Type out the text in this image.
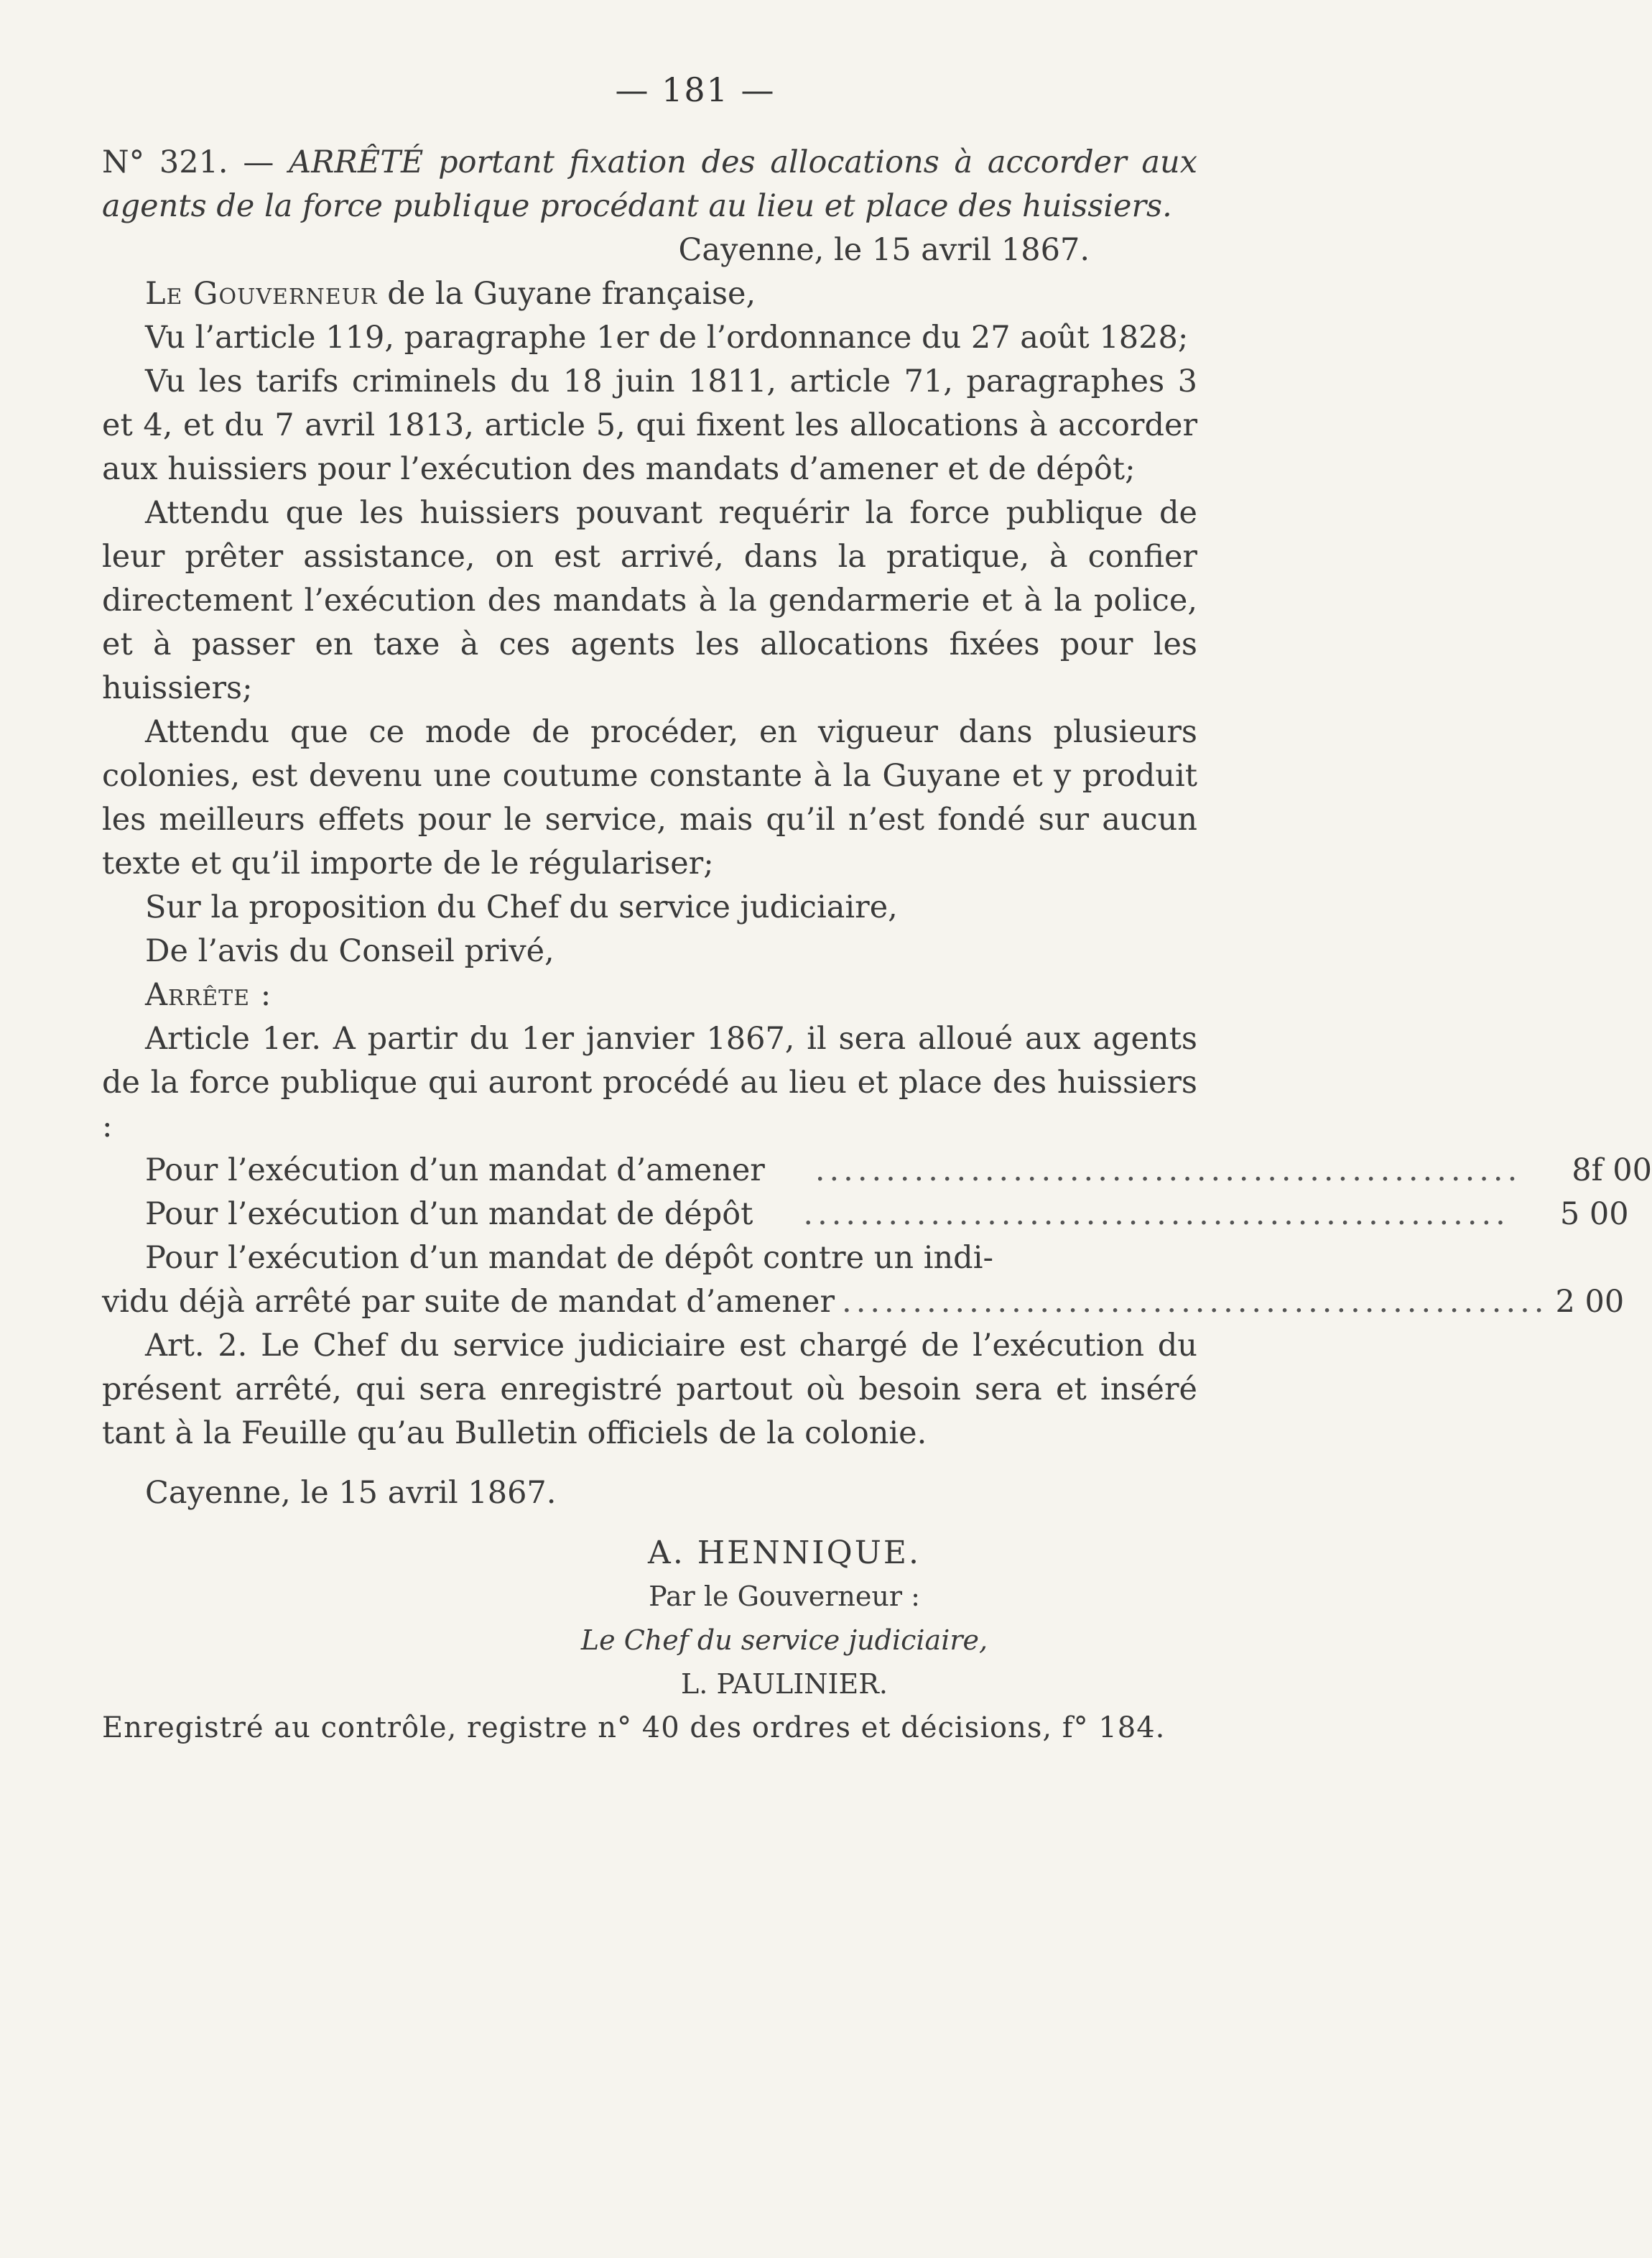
— 181 —

N° 321. — ARRÊTÉ portant fixation des allocations à accorder aux agents de la force publique procédant au lieu et place des huissiers.

Cayenne, le 15 avril 1867.

Le Gouverneur de la Guyane française,

Vu l’article 119, paragraphe 1er de l’ordonnance du 27 août 1828;

Vu les tarifs criminels du 18 juin 1811, article 71, paragraphes 3 et 4, et du 7 avril 1813, article 5, qui fixent les allocations à accorder aux huissiers pour l’exécution des mandats d’amener et de dépôt;

Attendu que les huissiers pouvant requérir la force publique de leur prêter assistance, on est arrivé, dans la pratique, à confier directement l’exécution des mandats à la gendarmerie et à la police, et à passer en taxe à ces agents les allocations fixées pour les huissiers;

Attendu que ce mode de procéder, en vigueur dans plusieurs colonies, est devenu une coutume constante à la Guyane et y produit les meilleurs effets pour le service, mais qu’il n’est fondé sur aucun texte et qu’il importe de le régulariser;

Sur la proposition du Chef du service judiciaire,

De l’avis du Conseil privé,

Arrête :

Article 1er. A partir du 1er janvier 1867, il sera alloué aux agents de la force publique qui auront procédé au lieu et place des huissiers :

Pour l’exécution d’un mandat d’amener	..................................................	8f 00
Pour l’exécution d’un mandat de dépôt	..................................................	5 00

Pour l’exécution d’un mandat de dépôt contre un indi-

vidu déjà arrêté par suite de mandat d’amener .................................................. 2 00

Art. 2. Le Chef du service judiciaire est chargé de l’exécution du présent arrêté, qui sera enregistré partout où besoin sera et inséré tant à la Feuille qu’au Bulletin officiels de la colonie.

Cayenne, le 15 avril 1867.

A. HENNIQUE.

Par le Gouverneur :

Le Chef du service judiciaire,

L. PAULINIER.

Enregistré au contrôle, registre n° 40 des ordres et décisions, f° 184.
